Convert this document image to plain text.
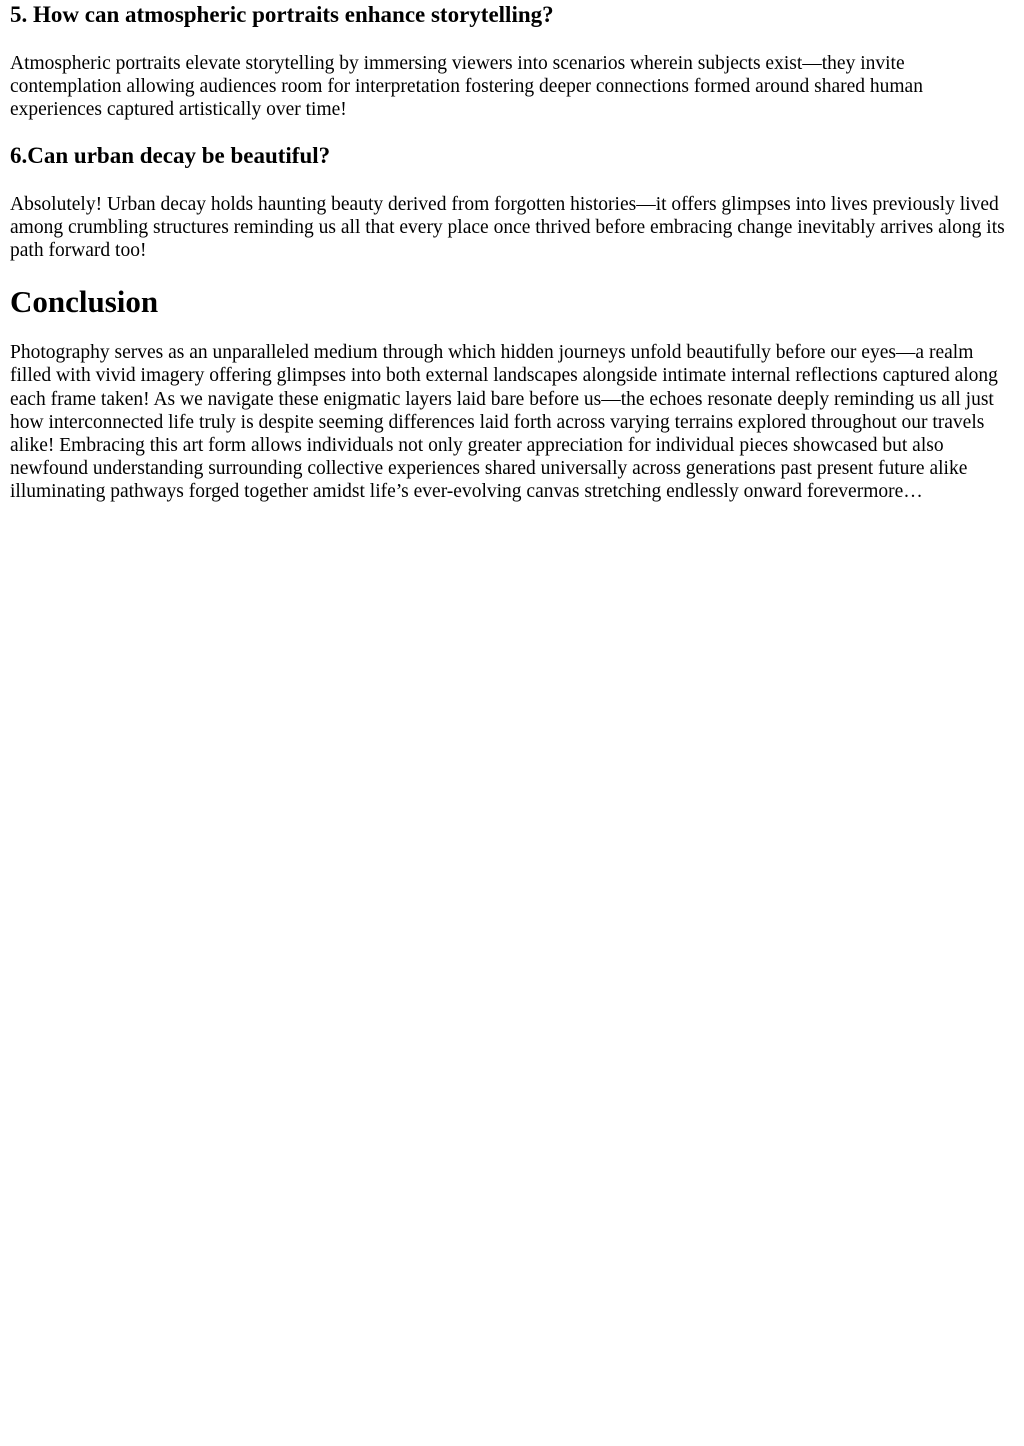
5. How can atmospheric portraits enhance storytelling?

Atmospheric portraits elevate storytelling by immersing viewers into scenarios wherein subjects exist—they invite contemplation allowing audiences room for interpretation fostering deeper connections formed around shared human experiences captured artistically over time!

6.Can urban decay be beautiful?

Absolutely! Urban decay holds haunting beauty derived from forgotten histories—it offers glimpses into lives previously lived among crumbling structures reminding us all that every place once thrived before embracing change inevitably arrives along its path forward too!

Conclusion

Photography serves as an unparalleled medium through which hidden journeys unfold beautifully before our eyes—a realm filled with vivid imagery offering glimpses into both external landscapes alongside intimate internal reflections captured along each frame taken! As we navigate these enigmatic layers laid bare before us—the echoes resonate deeply reminding us all just how interconnected life truly is despite seeming differences laid forth across varying terrains explored throughout our travels alike! Embracing this art form allows individuals not only greater appreciation for individual pieces showcased but also newfound understanding surrounding collective experiences shared universally across generations past present future alike illuminating pathways forged together amidst life’s ever-evolving canvas stretching endlessly onward forevermore…
